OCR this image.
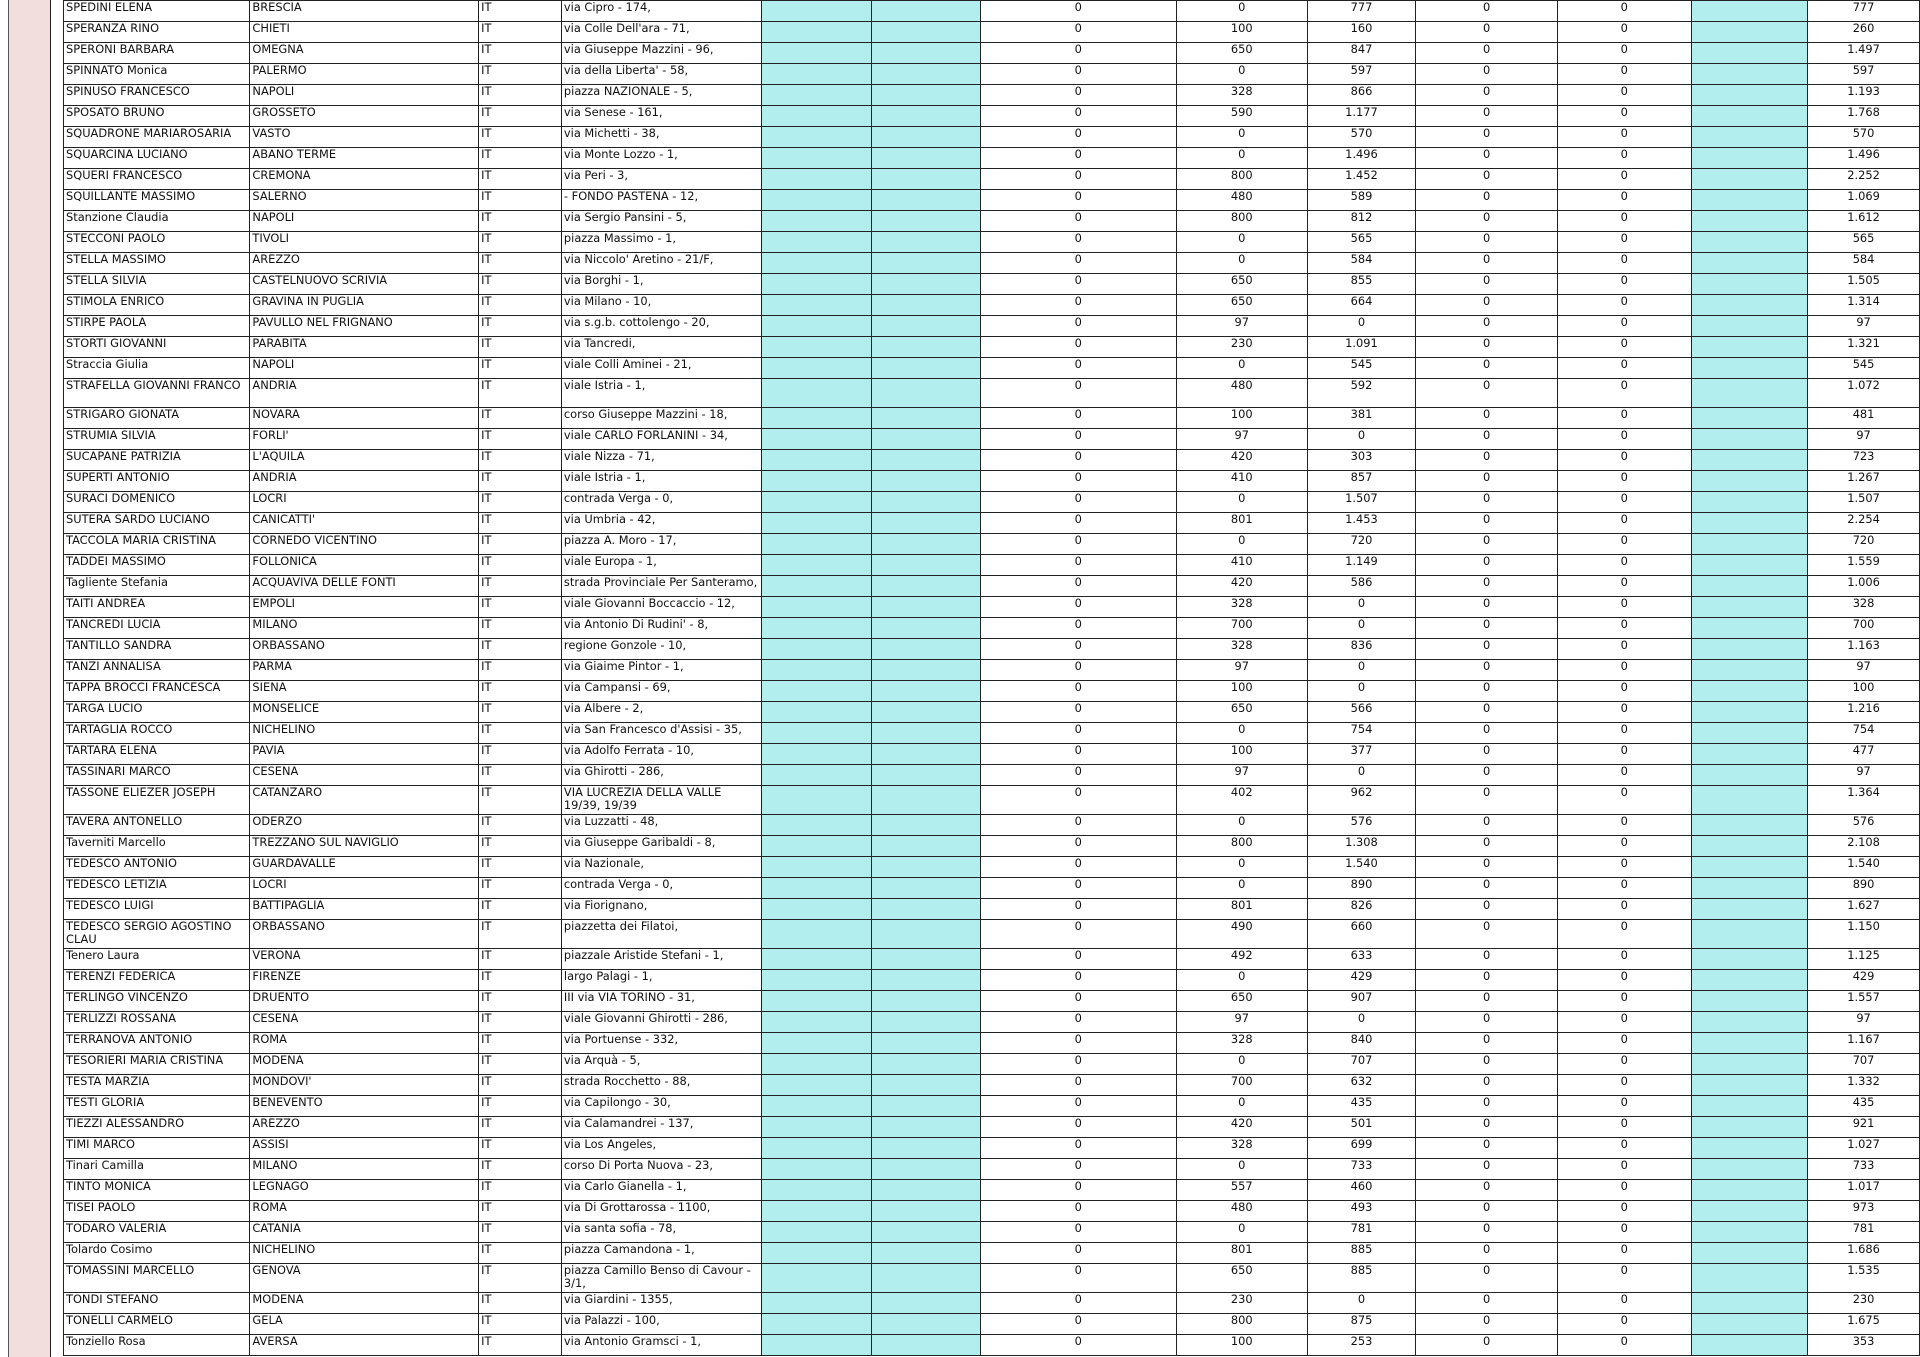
SPEDINI ELENA	BRESCIA	IT	via Cipro - 174,			0	0	777	0	0		777
SPERANZA RINO	CHIETI	IT	via Colle Dell'ara - 71,			0	100	160	0	0		260
SPERONI BARBARA	OMEGNA	IT	via Giuseppe Mazzini - 96,			0	650	847	0	0		1.497
SPINNATO Monica	PALERMO	IT	via della Liberta' - 58,			0	0	597	0	0		597
SPINUSO FRANCESCO	NAPOLI	IT	piazza NAZIONALE - 5,			0	328	866	0	0		1.193
SPOSATO BRUNO	GROSSETO	IT	via Senese - 161,			0	590	1.177	0	0		1.768
SQUADRONE MARIAROSARIA	VASTO	IT	via Michetti - 38,			0	0	570	0	0		570
SQUARCINA LUCIANO	ABANO TERME	IT	via Monte Lozzo - 1,			0	0	1.496	0	0		1.496
SQUERI FRANCESCO	CREMONA	IT	via Peri - 3,			0	800	1.452	0	0		2.252
SQUILLANTE MASSIMO	SALERNO	IT	- FONDO PASTENA - 12,			0	480	589	0	0		1.069
Stanzione Claudia	NAPOLI	IT	via Sergio Pansini - 5,			0	800	812	0	0		1.612
STECCONI PAOLO	TIVOLI	IT	piazza Massimo - 1,			0	0	565	0	0		565
STELLA MASSIMO	AREZZO	IT	via Niccolo' Aretino - 21/F,			0	0	584	0	0		584
STELLA SILVIA	CASTELNUOVO SCRIVIA	IT	via Borghi - 1,			0	650	855	0	0		1.505
STIMOLA ENRICO	GRAVINA IN PUGLIA	IT	via Milano - 10,			0	650	664	0	0		1.314
STIRPE PAOLA	PAVULLO NEL FRIGNANO	IT	via s.g.b. cottolengo - 20,			0	97	0	0	0		97
STORTI GIOVANNI	PARABITA	IT	via Tancredi,			0	230	1.091	0	0		1.321
Straccia Giulia	NAPOLI	IT	viale Colli Aminei - 21,			0	0	545	0	0		545
STRAFELLA GIOVANNI FRANCO	ANDRIA	IT	viale Istria - 1,			0	480	592	0	0		1.072
STRIGARO GIONATA	NOVARA	IT	corso Giuseppe Mazzini - 18,			0	100	381	0	0		481
STRUMIA SILVIA	FORLI'	IT	viale CARLO FORLANINI - 34,			0	97	0	0	0		97
SUCAPANE PATRIZIA	L'AQUILA	IT	viale Nizza - 71,			0	420	303	0	0		723
SUPERTI ANTONIO	ANDRIA	IT	viale Istria - 1,			0	410	857	0	0		1.267
SURACI DOMENICO	LOCRI	IT	contrada Verga - 0,			0	0	1.507	0	0		1.507
SUTERA SARDO LUCIANO	CANICATTI'	IT	via Umbria - 42,			0	801	1.453	0	0		2.254
TACCOLA MARIA CRISTINA	CORNEDO VICENTINO	IT	piazza A. Moro - 17,			0	0	720	0	0		720
TADDEI MASSIMO	FOLLONICA	IT	viale Europa - 1,			0	410	1.149	0	0		1.559
Tagliente Stefania	ACQUAVIVA DELLE FONTI	IT	strada Provinciale Per Santeramo,			0	420	586	0	0		1.006
TAITI ANDREA	EMPOLI	IT	viale Giovanni Boccaccio - 12,			0	328	0	0	0		328
TANCREDI LUCIA	MILANO	IT	via Antonio Di Rudini' - 8,			0	700	0	0	0		700
TANTILLO SANDRA	ORBASSANO	IT	regione Gonzole - 10,			0	328	836	0	0		1.163
TANZI ANNALISA	PARMA	IT	via Giaime Pintor - 1,			0	97	0	0	0		97
TAPPA BROCCI FRANCESCA	SIENA	IT	via Campansi - 69,			0	100	0	0	0		100
TARGA LUCIO	MONSELICE	IT	via Albere - 2,			0	650	566	0	0		1.216
TARTAGLIA ROCCO	NICHELINO	IT	via San Francesco d'Assisi - 35,			0	0	754	0	0		754
TARTARA ELENA	PAVIA	IT	via Adolfo Ferrata - 10,			0	100	377	0	0		477
TASSINARI MARCO	CESENA	IT	via Ghirotti - 286,			0	97	0	0	0		97
TASSONE ELIEZER JOSEPH	CATANZARO	IT	VIA LUCREZIA DELLA VALLE 19/39, 19/39			0	402	962	0	0		1.364
TAVERA ANTONELLO	ODERZO	IT	via Luzzatti - 48,			0	0	576	0	0		576
Taverniti Marcello	TREZZANO SUL NAVIGLIO	IT	via Giuseppe Garibaldi - 8,			0	800	1.308	0	0		2.108
TEDESCO ANTONIO	GUARDAVALLE	IT	via Nazionale,			0	0	1.540	0	0		1.540
TEDESCO LETIZIA	LOCRI	IT	contrada Verga - 0,			0	0	890	0	0		890
TEDESCO LUIGI	BATTIPAGLIA	IT	via Fiorignano,			0	801	826	0	0		1.627
TEDESCO SERGIO AGOSTINO CLAU	ORBASSANO	IT	piazzetta dei Filatoi,			0	490	660	0	0		1.150
Tenero Laura	VERONA	IT	piazzale Aristide Stefani - 1,			0	492	633	0	0		1.125
TERENZI FEDERICA	FIRENZE	IT	largo Palagi - 1,			0	0	429	0	0		429
TERLINGO VINCENZO	DRUENTO	IT	III via VIA TORINO - 31,			0	650	907	0	0		1.557
TERLIZZI ROSSANA	CESENA	IT	viale Giovanni Ghirotti - 286,			0	97	0	0	0		97
TERRANOVA ANTONIO	ROMA	IT	via Portuense - 332,			0	328	840	0	0		1.167
TESORIERI MARIA CRISTINA	MODENA	IT	via Arquà - 5,			0	0	707	0	0		707
TESTA MARZIA	MONDOVI'	IT	strada Rocchetto - 88,			0	700	632	0	0		1.332
TESTI GLORIA	BENEVENTO	IT	via Capilongo - 30,			0	0	435	0	0		435
TIEZZI ALESSANDRO	AREZZO	IT	via Calamandrei - 137,			0	420	501	0	0		921
TIMI MARCO	ASSISI	IT	via Los Angeles,			0	328	699	0	0		1.027
Tinari Camilla	MILANO	IT	corso Di Porta Nuova - 23,			0	0	733	0	0		733
TINTO MONICA	LEGNAGO	IT	via Carlo Gianella - 1,			0	557	460	0	0		1.017
TISEI PAOLO	ROMA	IT	via Di Grottarossa - 1100,			0	480	493	0	0		973
TODARO VALERIA	CATANIA	IT	via santa sofia - 78,			0	0	781	0	0		781
Tolardo Cosimo	NICHELINO	IT	piazza Camandona - 1,			0	801	885	0	0		1.686
TOMASSINI MARCELLO	GENOVA	IT	piazza Camillo Benso di Cavour - 3/1,			0	650	885	0	0		1.535
TONDI STEFANO	MODENA	IT	via Giardini - 1355,			0	230	0	0	0		230
TONELLI CARMELO	GELA	IT	via Palazzi - 100,			0	800	875	0	0		1.675
Tonziello Rosa	AVERSA	IT	via Antonio Gramsci - 1,			0	100	253	0	0		353
